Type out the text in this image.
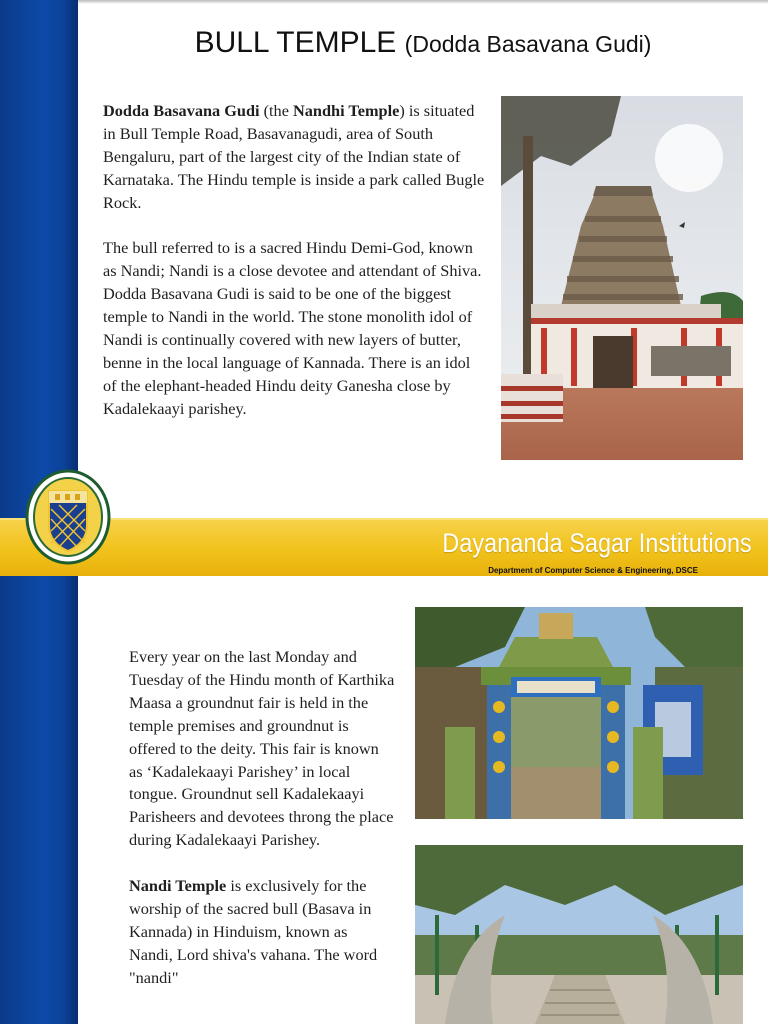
BULL TEMPLE (Dodda Basavana Gudi)

Dodda Basavana Gudi (the Nandhi Temple) is situated in Bull Temple Road, Basavanagudi, area of South Bengaluru, part of the largest city of the Indian state of Karnataka. The Hindu temple is inside a park called Bugle Rock.

The bull referred to is a sacred Hindu Demi-God, known as Nandi; Nandi is a close devotee and attendant of Shiva. Dodda Basavana Gudi is said to be one of the biggest temple to Nandi in the world. The stone monolith idol of Nandi is continually covered with new layers of butter, benne in the local language of Kannada. There is an idol of the elephant-headed Hindu deity Ganesha close by Kadalekaayi parishey.

Dayananda Sagar Institutions
Department of Computer Science & Engineering, DSCE

Every year on the last Monday and Tuesday of the Hindu month of Karthika Maasa a groundnut fair is held in the temple premises and groundnut is offered to the deity. This fair is known as ‘Kadalekaayi Parishey’ in local tongue. Groundnut sell Kadalekaayi Parisheers and devotees throng the place during Kadalekaayi Parishey.

Nandi Temple is exclusively for the worship of the sacred bull (Basava in Kannada) in Hinduism, known as Nandi, Lord shiva's vahana. The word "nandi"
